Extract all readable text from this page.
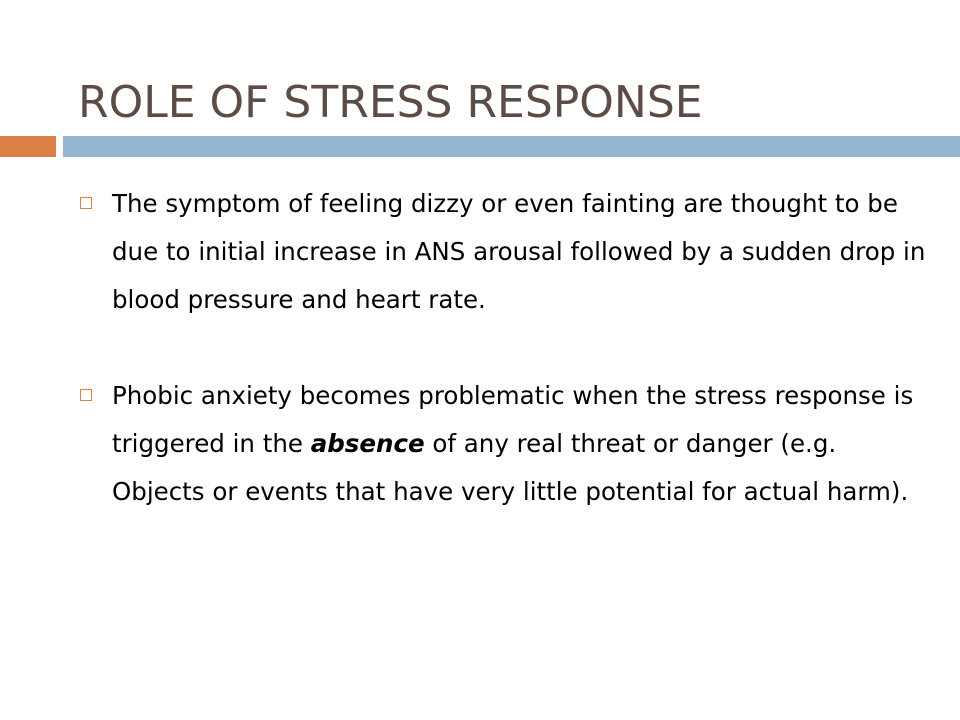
ROLE OF STRESS RESPONSE
The symptom of feeling dizzy or even fainting are thought to be due to initial increase in ANS arousal followed by a sudden drop in blood pressure and heart rate.
Phobic anxiety becomes problematic when the stress response is triggered in the absence of any real threat or danger (e.g. Objects or events that have very little potential for actual harm).
